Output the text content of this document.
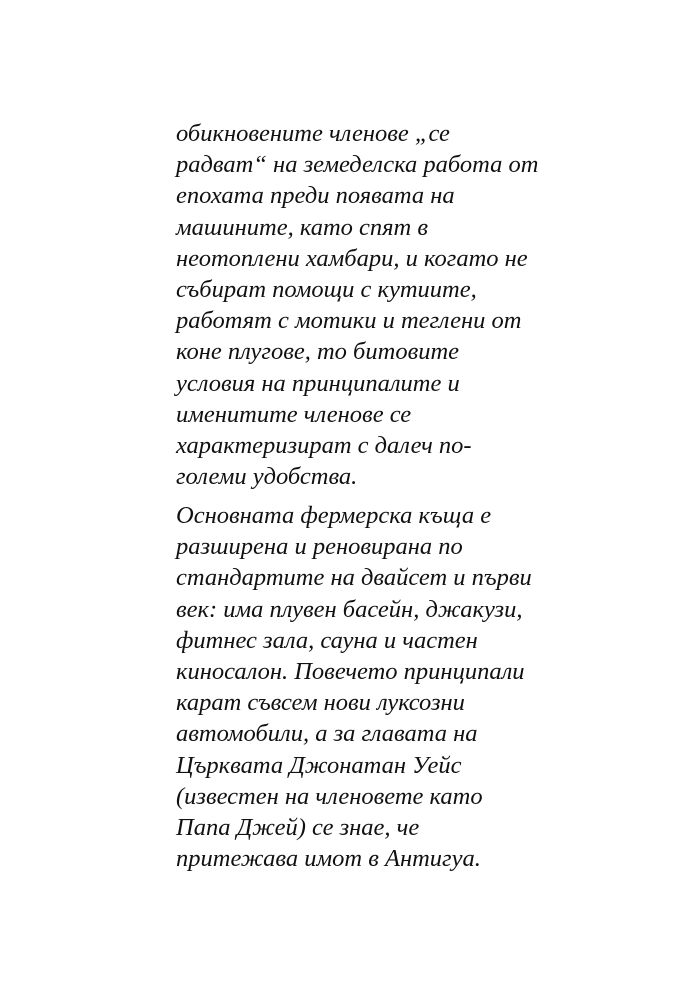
обикновените членове „се
радват“ на земеделска работа от
епохата преди появата на
машините, като спят в
неотоплени хамбари, и когато не
събират помощи с кутиите,
работят с мотики и теглени от
коне плугове, то битовите
условия на принципалите и
именитите членове се
характеризират с далеч по-
големи удобства.

Основната фермерска къща е
разширена и реновирана по
стандартите на двайсет и първи
век: има плувен басейн, джакузи,
фитнес зала, сауна и частен
киносалон. Повечето принципали
карат съвсем нови луксозни
автомобили, а за главата на
Църквата Джонатан Уейс
(известен на членовете като
Папа Джей) се знае, че
притежава имот в Антигуа.
